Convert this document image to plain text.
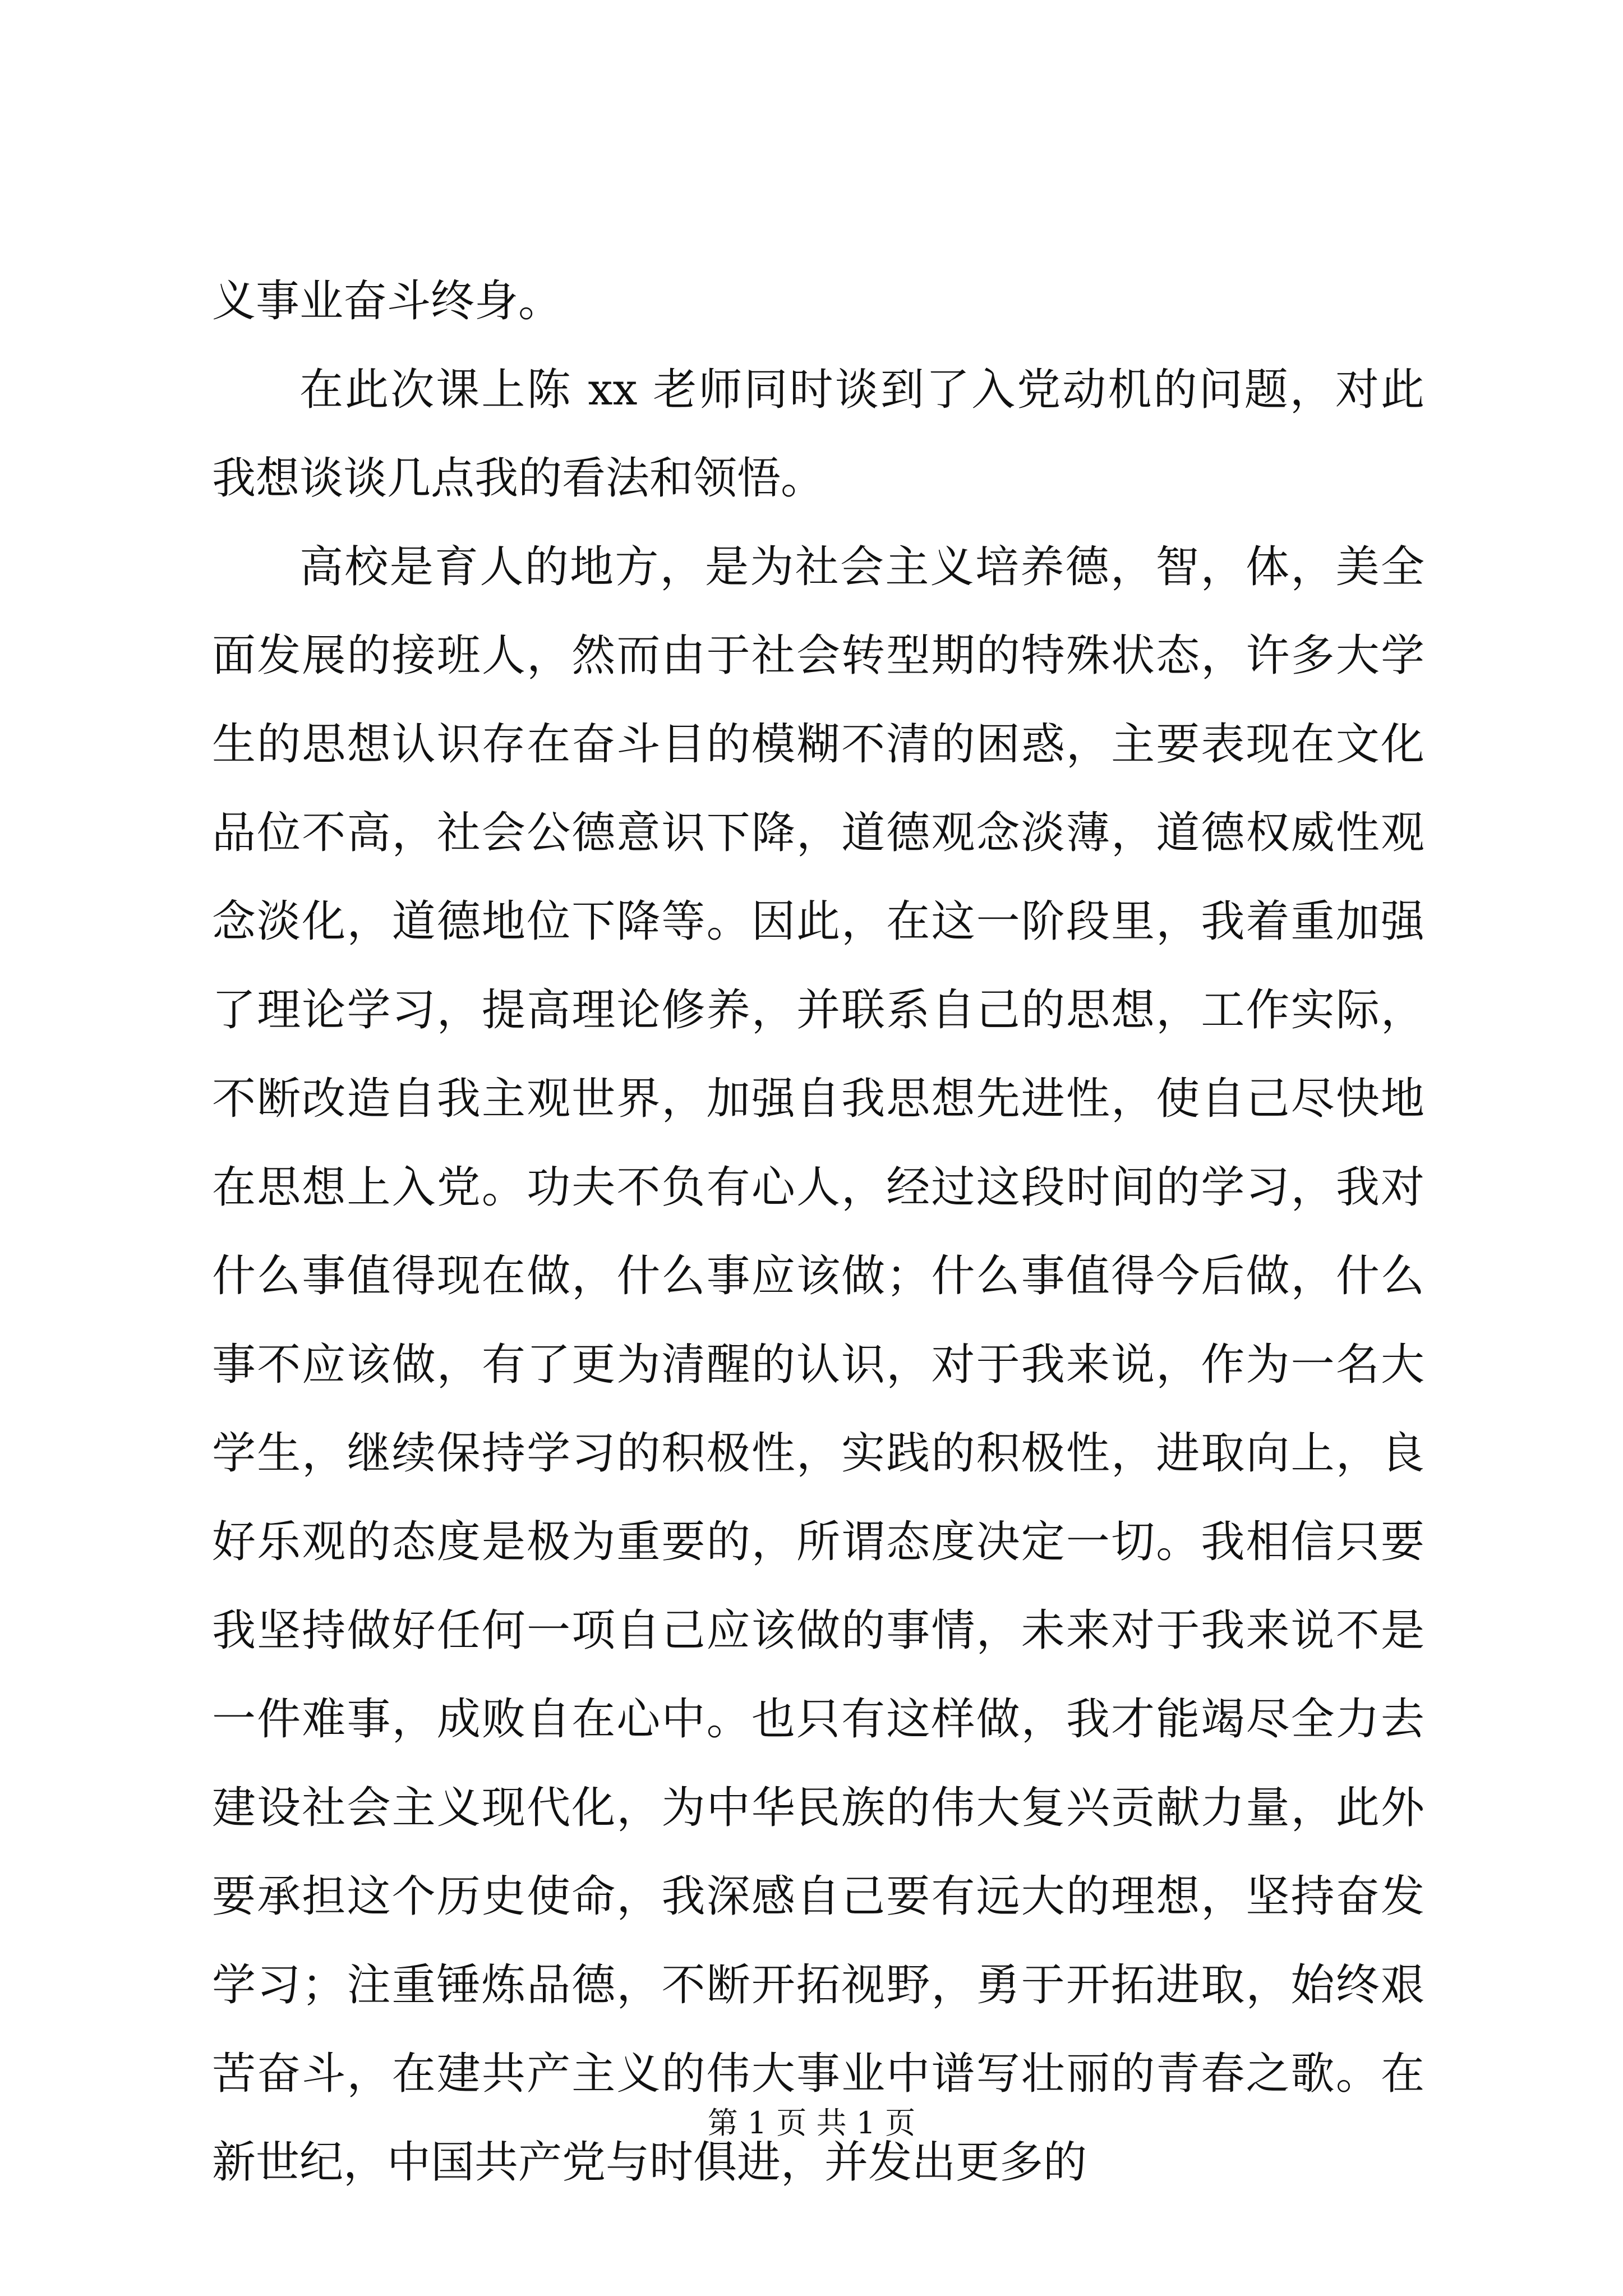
义事业奋斗终身。

在此次课上陈 xx 老师同时谈到了入党动机的问题，对此我想谈谈几点我的看法和领悟。

高校是育人的地方，是为社会主义培养德，智，体，美全面发展的接班人，然而由于社会转型期的特殊状态，许多大学生的思想认识存在奋斗目的模糊不清的困惑，主要表现在文化品位不高，社会公德意识下降，道德观念淡薄，道德权威性观念淡化，道德地位下降等。因此，在这一阶段里，我着重加强了理论学习，提高理论修养，并联系自己的思想，工作实际，不断改造自我主观世界，加强自我思想先进性，使自己尽快地在思想上入党。功夫不负有心人，经过这段时间的学习，我对什么事值得现在做，什么事应该做；什么事值得今后做，什么事不应该做，有了更为清醒的认识，对于我来说，作为一名大学生，继续保持学习的积极性，实践的积极性，进取向上，良好乐观的态度是极为重要的，所谓态度决定一切。我相信只要我坚持做好任何一项自己应该做的事情，未来对于我来说不是一件难事，成败自在心中。也只有这样做，我才能竭尽全力去建设社会主义现代化，为中华民族的伟大复兴贡献力量，此外要承担这个历史使命，我深感自己要有远大的理想，坚持奋发学习；注重锤炼品德，不断开拓视野，勇于开拓进取，始终艰苦奋斗，在建共产主义的伟大事业中谱写壮丽的青春之歌。在新世纪，中国共产党与时俱进，并发出更多的

第 1 页 共 1 页
